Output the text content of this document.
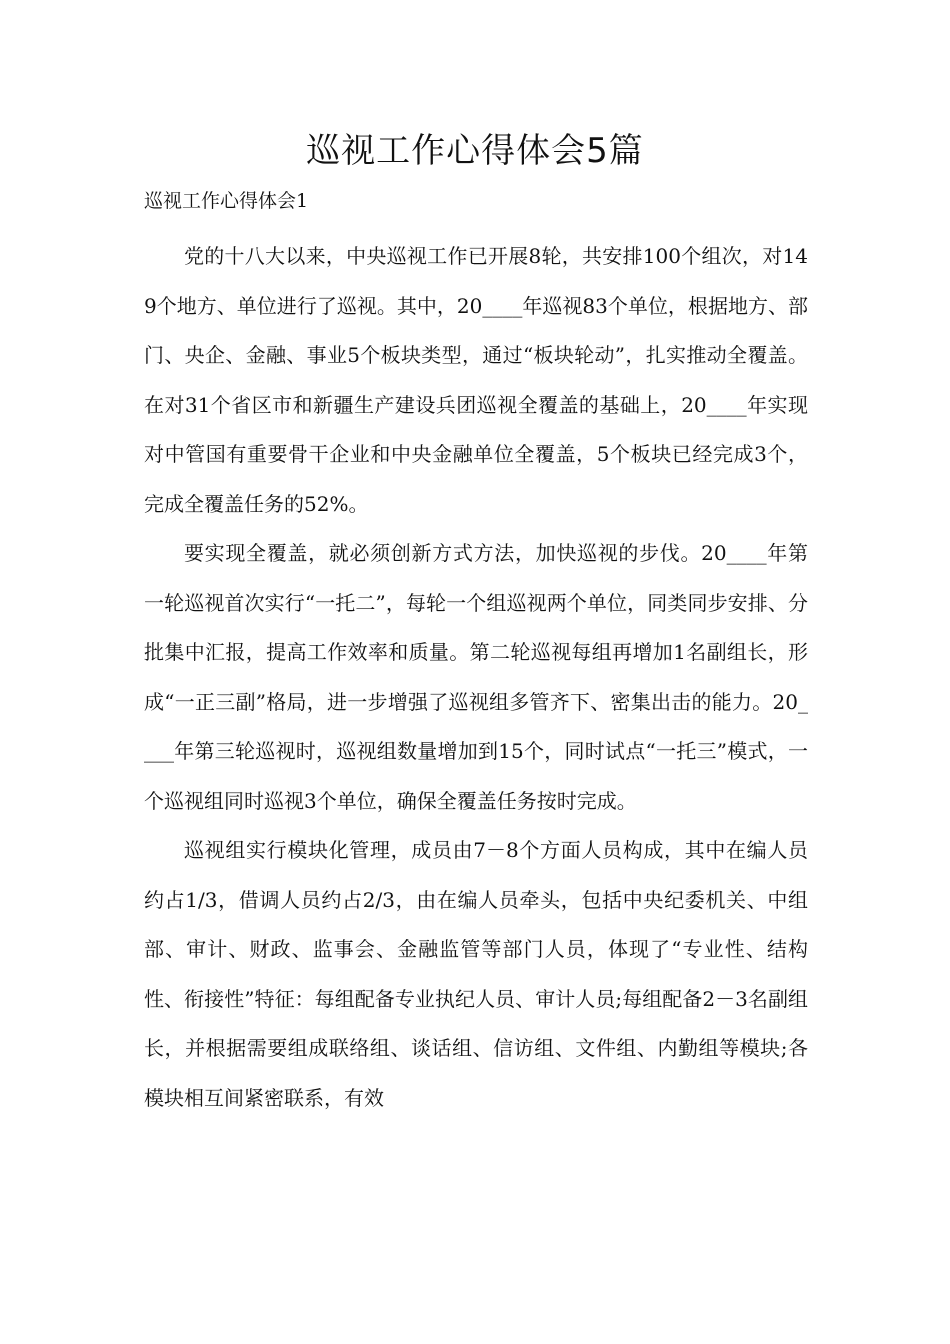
巡视工作心得体会5篇

巡视工作心得体会1

党的十八大以来，中央巡视工作已开展8轮，共安排100个组次，对149个地方、单位进行了巡视。其中，20____年巡视83个单位，根据地方、部门、央企、金融、事业5个板块类型，通过“板块轮动”，扎实推动全覆盖。在对31个省区市和新疆生产建设兵团巡视全覆盖的基础上，20____年实现对中管国有重要骨干企业和中央金融单位全覆盖，5个板块已经完成3个，完成全覆盖任务的52%。

要实现全覆盖，就必须创新方式方法，加快巡视的步伐。20____年第一轮巡视首次实行“一托二”，每轮一个组巡视两个单位，同类同步安排、分批集中汇报，提高工作效率和质量。第二轮巡视每组再增加1名副组长，形成“一正三副”格局，进一步增强了巡视组多管齐下、密集出击的能力。20____年第三轮巡视时，巡视组数量增加到15个，同时试点“一托三”模式，一个巡视组同时巡视3个单位，确保全覆盖任务按时完成。

巡视组实行模块化管理，成员由7－8个方面人员构成，其中在编人员约占1/3，借调人员约占2/3，由在编人员牵头，包括中央纪委机关、中组部、审计、财政、监事会、金融监管等部门人员，体现了“专业性、结构性、衔接性”特征：每组配备专业执纪人员、审计人员;每组配备2－3名副组长，并根据需要组成联络组、谈话组、信访组、文件组、内勤组等模块;各模块相互间紧密联系，有效
